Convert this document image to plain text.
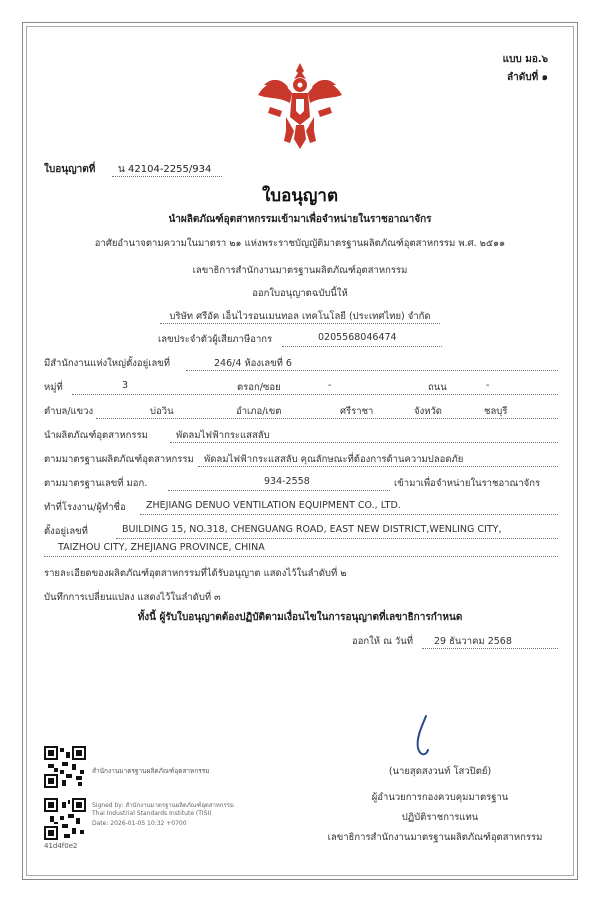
แบบ มอ.๖
ลำดับที่ ๑
ใบอนุญาตที่ น 42104-2255/934
ใบอนุญาต
นำผลิตภัณฑ์อุตสาหกรรมเข้ามาเพื่อจำหน่ายในราชอาณาจักร
อาศัยอำนาจตามความในมาตรา ๒๑ แห่งพระราชบัญญัติมาตรฐานผลิตภัณฑ์อุตสาหกรรม พ.ศ. ๒๕๑๑
เลขาธิการสำนักงานมาตรฐานผลิตภัณฑ์อุตสาหกรรม
ออกใบอนุญาตฉบับนี้ให้
บริษัท ศรีอัค เอ็นไวรอนเมนทอล เทคโนโลยี (ประเทศไทย) จำกัด
เลขประจำตัวผู้เสียภาษีอากร	0205568046474
มีสำนักงานแห่งใหญ่ตั้งอยู่เลขที่	246/4 ห้องเลขที่ 6
หมู่ที่	3	ตรอก/ซอย	-	ถนน	-
ตำบล/แขวง	บ่อวิน	อำเภอ/เขต	ศรีราชา	จังหวัด	ชลบุรี
นำผลิตภัณฑ์อุตสาหกรรม	พัดลมไฟฟ้ากระแสสลับ
ตามมาตรฐานผลิตภัณฑ์อุตสาหกรรม พัดลมไฟฟ้ากระแสสลับ คุณลักษณะที่ต้องการด้านความปลอดภัย
ตามมาตรฐานเลขที่ มอก.	934-2558	เข้ามาเพื่อจำหน่ายในราชอาณาจักร
ทำที่โรงงาน/ผู้ทำชื่อ ZHEJIANG DENUO VENTILATION EQUIPMENT CO., LTD.
ตั้งอยู่เลขที่	BUILDING 15, NO.318, CHENGUANG ROAD, EAST NEW DISTRICT,WENLING CITY,
TAIZHOU CITY, ZHEJIANG PROVINCE, CHINA
รายละเอียดของผลิตภัณฑ์อุตสาหกรรมที่ได้รับอนุญาต แสดงไว้ในลำดับที่ ๒
บันทึกการเปลี่ยนแปลง แสดงไว้ในลำดับที่ ๓
ทั้งนี้ ผู้รับใบอนุญาตต้องปฏิบัติตามเงื่อนไขในการอนุญาตที่เลขาธิการกำหนด
ออกให้ ณ วันที่ 29 ธันวาคม 2568
(นายสุดสงวนท์ โสวปิตย์)
ผู้อำนวยการกองควบคุมมาตรฐาน
ปฏิบัติราชการแทน
เลขาธิการสำนักงานมาตรฐานผลิตภัณฑ์อุตสาหกรรม
สำนักงานมาตรฐานผลิตภัณฑ์อุตสาหกรรม
Signed by: สำนักงานมาตรฐานผลิตภัณฑ์อุตสาหกรรม
Thai Industrial Standards Institute (TISI)
Date: 2026-01-05 10:32 +0700
41d4f0e2
